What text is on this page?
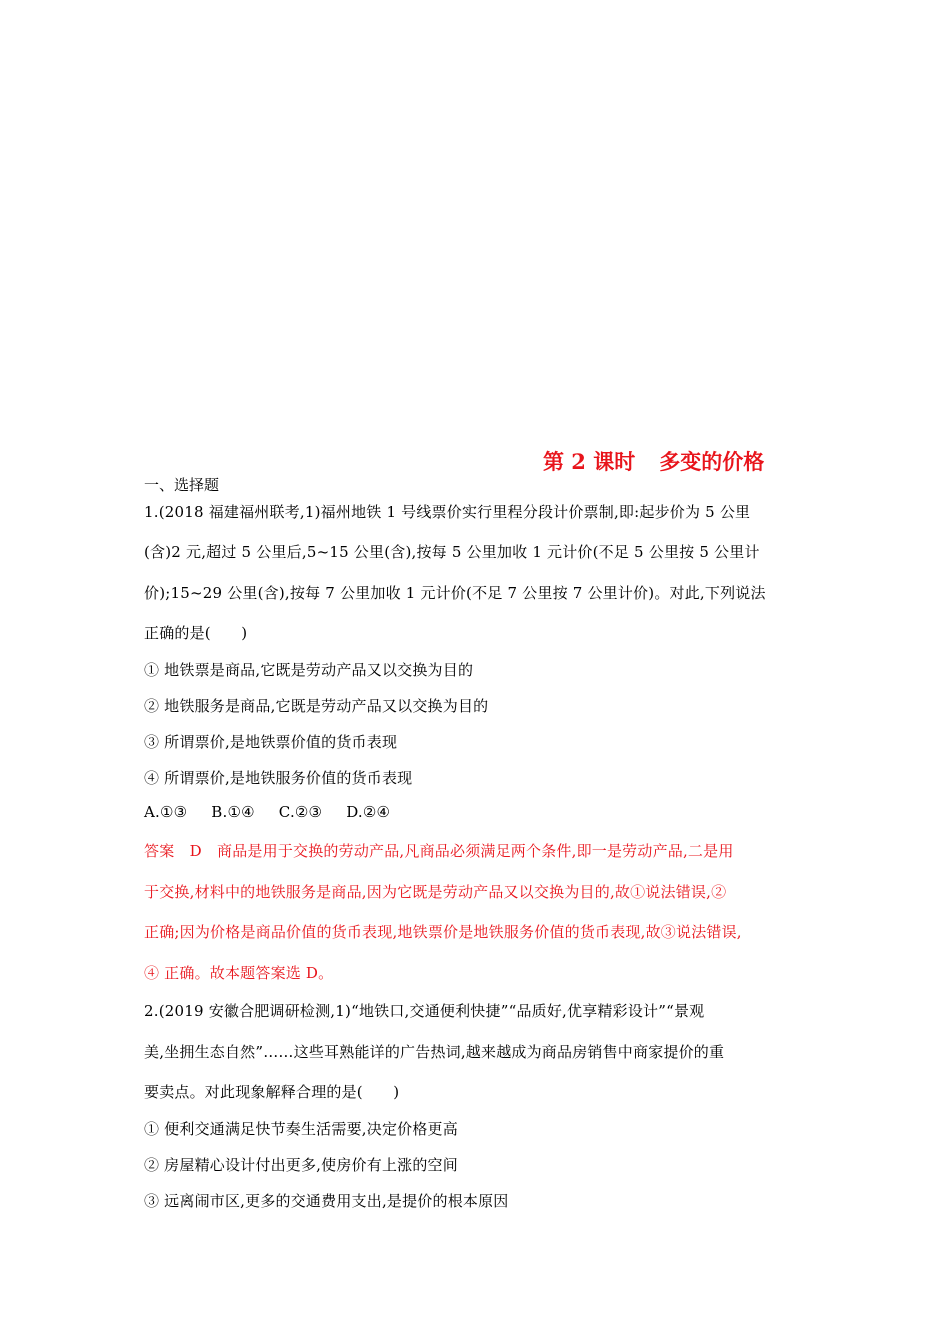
第 2 课时 多变的价格
一、选择题
1.(2018 福建福州联考,1)福州地铁 1 号线票价实行里程分段计价票制,即:起步价为 5 公里
(含)2 元,超过 5 公里后,5~15 公里(含),按每 5 公里加收 1 元计价(不足 5 公里按 5 公里计
价);15~29 公里(含),按每 7 公里加收 1 元计价(不足 7 公里按 7 公里计价)。对此,下列说法
正确的是(　　)
① 地铁票是商品,它既是劳动产品又以交换为目的
② 地铁服务是商品,它既是劳动产品又以交换为目的
③ 所谓票价,是地铁票价值的货币表现
④ 所谓票价,是地铁服务价值的货币表现
A.①③ B.①④ C.②③ D.②④
答案　D　商品是用于交换的劳动产品,凡商品必须满足两个条件,即一是劳动产品,二是用
于交换,材料中的地铁服务是商品,因为它既是劳动产品又以交换为目的,故①说法错误,②
正确;因为价格是商品价值的货币表现,地铁票价是地铁服务价值的货币表现,故③说法错误,
④ 正确。故本题答案选 D。
2.(2019 安徽合肥调研检测,1)“地铁口,交通便利快捷”“品质好,优享精彩设计”“景观
美,坐拥生态自然”……这些耳熟能详的广告热词,越来越成为商品房销售中商家提价的重
要卖点。对此现象解释合理的是(　　)
① 便利交通满足快节奏生活需要,决定价格更高
② 房屋精心设计付出更多,使房价有上涨的空间
③ 远离闹市区,更多的交通费用支出,是提价的根本原因
